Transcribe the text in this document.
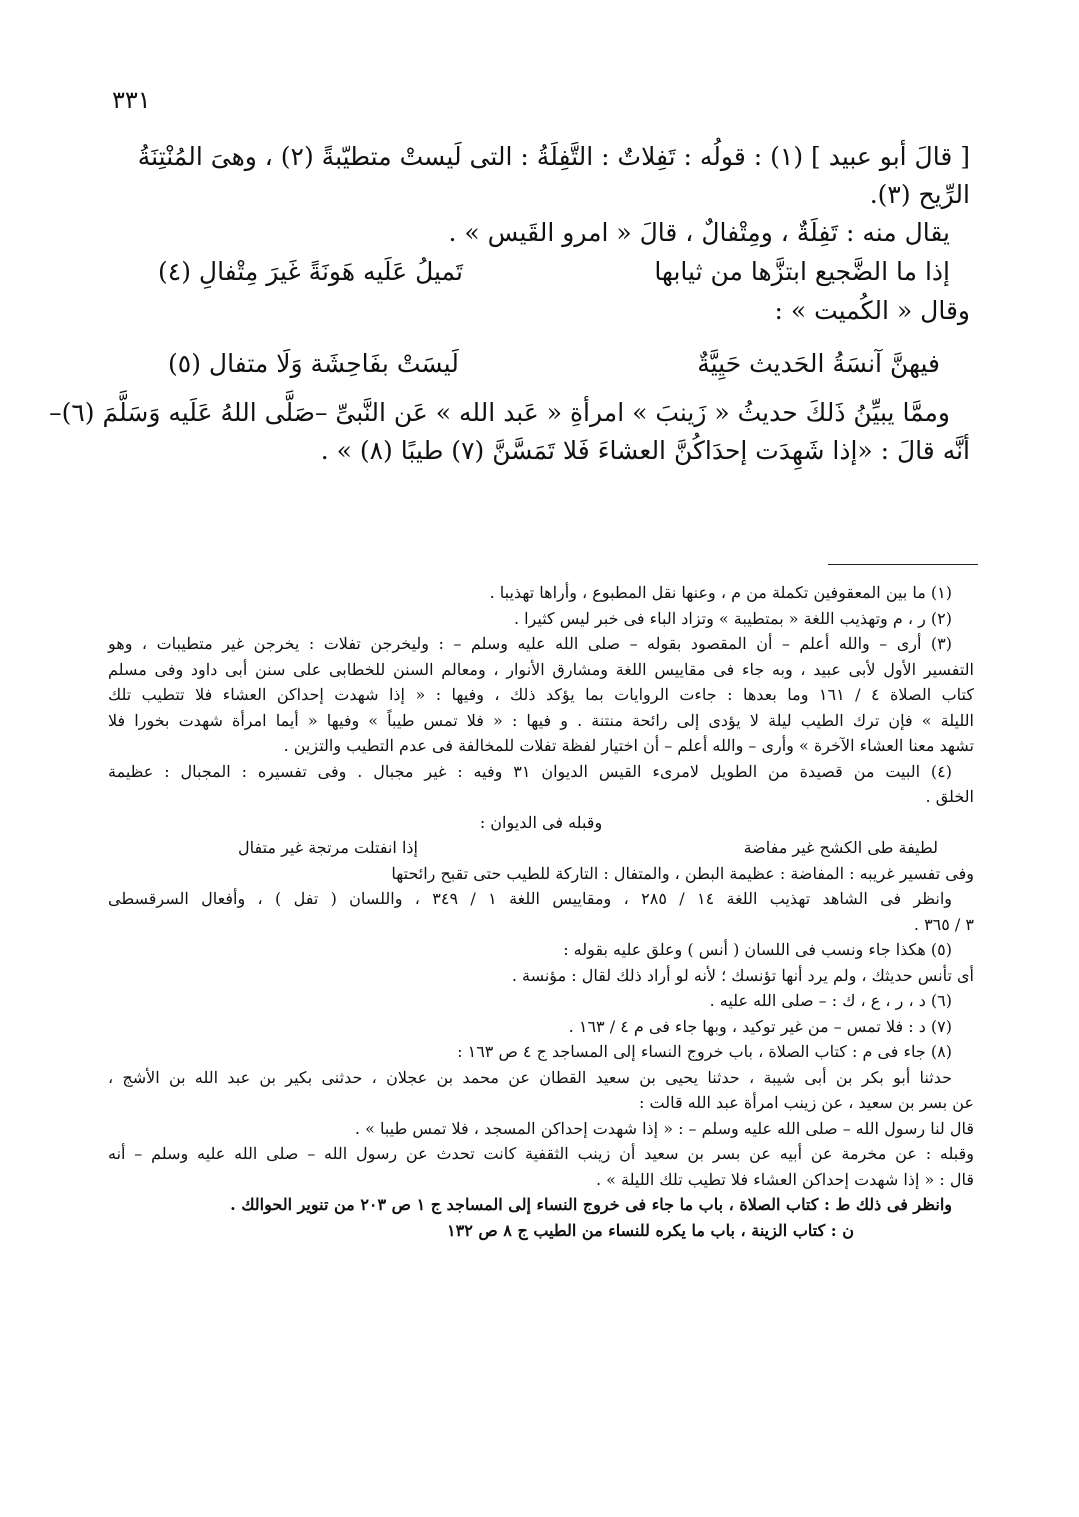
٣٣١

[ قالَ أبو عبيد ] (١) : قولُه : تَفِلاتٌ : التَّفِلَةُ : التى لَيستْ متطيّبةً (٢) ، وهىَ المُنْتِنَةُ

الرِّيح (٣).

يقال منه : تَفِلَةٌ ، ومِتْفالٌ ، قالَ « امرو القَيس » .

إذا ما الضَّجيع ابتزَّها من ثيابها
تَميلُ عَلَيه هَونَةً غَيرَ مِتْفالِ (٤)

وقال « الكُميت » :

فيهنَّ آنسَةُ الحَديث حَيِيَّةٌ
لَيسَتْ بفَاحِشَة وَلَا متفال (٥)

وممَّا يبيِّنُ ذَلكَ حديثُ « زَينبَ » امرأةِ « عَبد الله » عَن النَّبىِّ –صَلَّى اللهُ عَلَيه وَسَلَّمَ (٦)–

أنَّه قالَ : «إذا شَهِدَت إحدَاكُنَّ العشاءَ فَلا تَمَسَّنَّ (٧) طيبًا (٨) » .

(١) ما بين المعقوفين تكملة من م ، وعنها نقل المطبوع ، وأراها تهذيبا .

(٢) ر ، م وتهذيب اللغة « بمتطيبة » وتزاد الباء فى خبر ليس كثيرا .

(٣) أرى – والله أعلم – أن المقصود بقوله – صلى الله عليه وسلم – : وليخرجن تفلات : يخرجن غير متطيبات ، وهو

التفسير الأول لأبى عبيد ، وبه جاء فى مقاييس اللغة ومشارق الأنوار ، ومعالم السنن للخطابى على سنن أبى داود وفى مسلم

كتاب الصلاة ٤ / ١٦١ وما بعدها : جاءت الروايات بما يؤكد ذلك ، وفيها : « إذا شهدت إحداكن العشاء فلا تتطيب تلك

الليلة » فإن ترك الطيب ليلة لا يؤدى إلى رائحة منتنة . و فيها : « فلا تمس طيباً » وفيها « أيما امرأة شهدت بخورا فلا

تشهد معنا العشاء الآخرة » وأرى – والله أعلم – أن اختيار لفظة تفلات للمخالفة فى عدم التطيب والتزين .

(٤) البيت من قصيدة من الطويل لامرىء القيس الديوان ٣١ وفيه : غير مجبال . وفى تفسيره : المجبال : عظيمة

الخلق .

وقبله فى الديوان :

لطيفة طى الكشح غير مفاضة
إذا انفتلت مرتجة غير متفال

وفى تفسير غريبه : المفاضة : عظيمة البطن ، والمتفال : التاركة للطيب حتى تقبح رائحتها

وانظر فى الشاهد تهذيب اللغة ١٤ / ٢٨٥ ، ومقاييس اللغة ١ / ٣٤٩ ، واللسان ( تفل ) ، وأفعال السرقسطى

٣ / ٣٦٥ .

(٥) هكذا جاء ونسب فى اللسان ( أنس ) وعلق عليه بقوله :

أى تأنس حديثك ، ولم يرد أنها تؤنسك ؛ لأنه لو أراد ذلك لقال : مؤنسة .

(٦) د ، ر ، ع ، ك : – صلى الله عليه .

(٧) د : فلا تمس – من غير توكيد ، وبها جاء فى م ٤ / ١٦٣ .

(٨) جاء فى م : كتاب الصلاة ، باب خروج النساء إلى المساجد ج ٤ ص ١٦٣ :

حدثنا أبو بكر بن أبى شيبة ، حدثنا يحيى بن سعيد القطان عن محمد بن عجلان ، حدثنى بكير بن عبد الله بن الأشج ،

عن بسر بن سعيد ، عن زينب امرأة عبد الله قالت :

قال لنا رسول الله – صلى الله عليه وسلم – : « إذا شهدت إحداكن المسجد ، فلا تمس طيبا » .

وقبله : عن مخرمة عن أبيه عن بسر بن سعيد أن زينب الثقفية كانت تحدث عن رسول الله – صلى الله عليه وسلم – أنه

قال : « إذا شهدت إحداكن العشاء فلا تطيب تلك الليلة » .

وانظر فى ذلك ط : كتاب الصلاة ، باب ما جاء فى خروج النساء إلى المساجد ج ١ ص ٢٠٣ من تنوير الحوالك .

ن : كتاب الزينة ، باب ما يكره للنساء من الطيب ج ٨ ص ١٣٢
